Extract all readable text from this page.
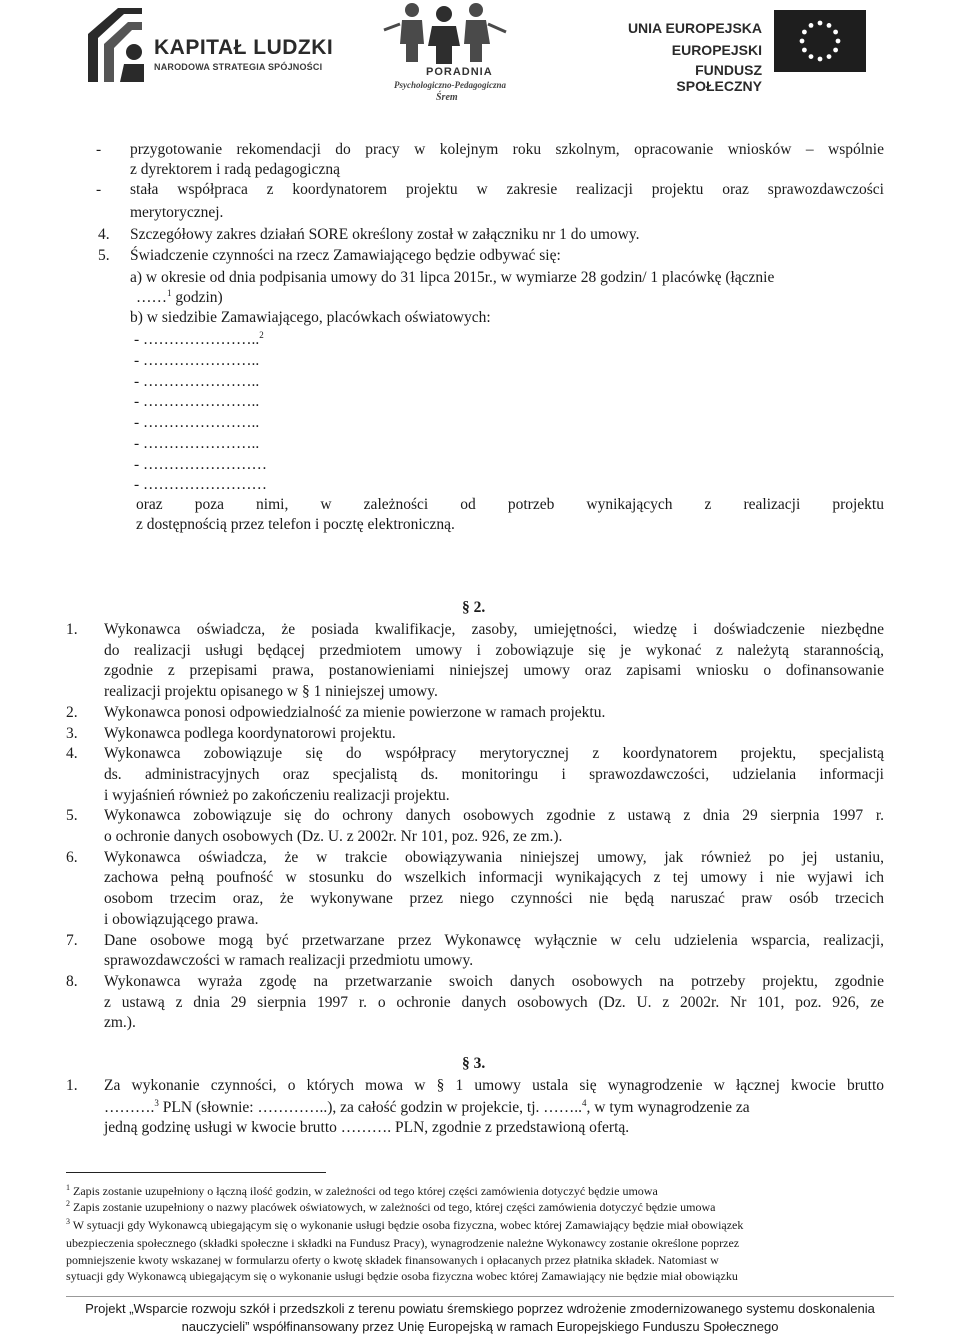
KAPITAŁ LUDZKI
NARODOWA STRATEGIA SPÓJNOŚCI	PORADNIA
Psychologiczno-Pedagogiczna
Śrem
UNIA EUROPEJSKA
EUROPEJSKI
FUNDUSZ SPOŁECZNY
- przygotowanie rekomendacji do pracy w kolejnym roku szkolnym, opracowanie wniosków – wspólnie
z dyrektorem i radą pedagogiczną
- stała współpraca z koordynatorem projektu w zakresie realizacji projektu oraz sprawozdawczości
merytorycznej.
4. Szczegółowy zakres działań SORE określony został w załączniku nr 1 do umowy.
5. Świadczenie czynności na rzecz Zamawiającego będzie odbywać się:
a) w okresie od dnia podpisania umowy do 31 lipca 2015r., w wymiarze 28 godzin/ 1 placówkę (łącznie
……$^1$ godzin)
b) w siedzibie Zamawiającego, placówkach oświatowych:
- …………………..$^2$
- …………………..
- …………………..
- …………………..
- …………………..
- …………………..
- ……………………
- ……………………
oraz poza nimi, w zależności od potrzeb wynikających z realizacji projektu
z dostępnością przez telefon i pocztę elektroniczną.
§ 2.
1. Wykonawca oświadcza, że posiada kwalifikacje, zasoby, umiejętności, wiedzę i doświadczenie niezbędne
do realizacji usługi będącej przedmiotem umowy i zobowiązuje się je wykonać z należytą starannością,
zgodnie z przepisami prawa, postanowieniami niniejszej umowy oraz zapisami wniosku o dofinansowanie
realizacji projektu opisanego w § 1 niniejszej umowy.
2. Wykonawca ponosi odpowiedzialność za mienie powierzone w ramach projektu.
3. Wykonawca podlega koordynatorowi projektu.
4. Wykonawca zobowiązuje się do współpracy merytorycznej z koordynatorem projektu, specjalistą
ds. administracyjnych oraz specjalistą ds. monitoringu i sprawozdawczości, udzielania informacji
i wyjaśnień również po zakończeniu realizacji projektu.
5. Wykonawca zobowiązuje się do ochrony danych osobowych zgodnie z ustawą z dnia 29 sierpnia 1997 r.
o ochronie danych osobowych (Dz. U. z 2002r. Nr 101, poz. 926, ze zm.).
6. Wykonawca oświadcza, że w trakcie obowiązywania niniejszej umowy, jak również po jej ustaniu,
zachowa pełną poufność w stosunku do wszelkich informacji wynikających z tej umowy i nie wyjawi ich
osobom trzecim oraz, że wykonywane przez niego czynności nie będą naruszać praw osób trzecich
i obowiązującego prawa.
7. Dane osobowe mogą być przetwarzane przez Wykonawcę wyłącznie w celu udzielenia wsparcia, realizacji,
sprawozdawczości w ramach realizacji przedmiotu umowy.
8. Wykonawca wyraża zgodę na przetwarzanie swoich danych osobowych na potrzeby projektu, zgodnie
z ustawą z dnia 29 sierpnia 1997 r. o ochronie danych osobowych (Dz. U. z 2002r. Nr 101, poz. 926, ze
zm.).
§ 3.
1. Za wykonanie czynności, o których mowa w § 1 umowy ustala się wynagrodzenie w łącznej kwocie brutto
……….$^3$ PLN (słownie: …………..), za całość godzin w projekcie, tj. ……..$^4$, w tym wynagrodzenie za
jedną godzinę usługi w kwocie brutto ………. PLN, zgodnie z przedstawioną ofertą.
$^1$ Zapis zostanie uzupełniony o łączną ilość godzin, w zależności od tego której części zamówienia dotyczyć będzie umowa
$^2$ Zapis zostanie uzupełniony o nazwy placówek oświatowych, w zależności od tego, której części zamówienia dotyczyć będzie umowa
$^3$ W sytuacji gdy Wykonawcą ubiegającym się o wykonanie usługi będzie osoba fizyczna, wobec której Zamawiający będzie miał obowiązek
ubezpieczenia społecznego (składki społeczne i składki na Fundusz Pracy), wynagrodzenie należne Wykonawcy zostanie określone poprzez
pomniejszenie kwoty wskazanej w formularzu oferty o kwotę składek finansowanych i opłacanych przez płatnika składek. Natomiast w
sytuacji gdy Wykonawcą ubiegającym się o wykonanie usługi będzie osoba fizyczna wobec której Zamawiający nie będzie miał obowiązku
Projekt „Wsparcie rozwoju szkół i przedszkoli z terenu powiatu śremskiego poprzez wdrożenie zmodernizowanego systemu doskonalenia
nauczycieli” współfinansowany przez Unię Europejską w ramach Europejskiego Funduszu Społecznego
